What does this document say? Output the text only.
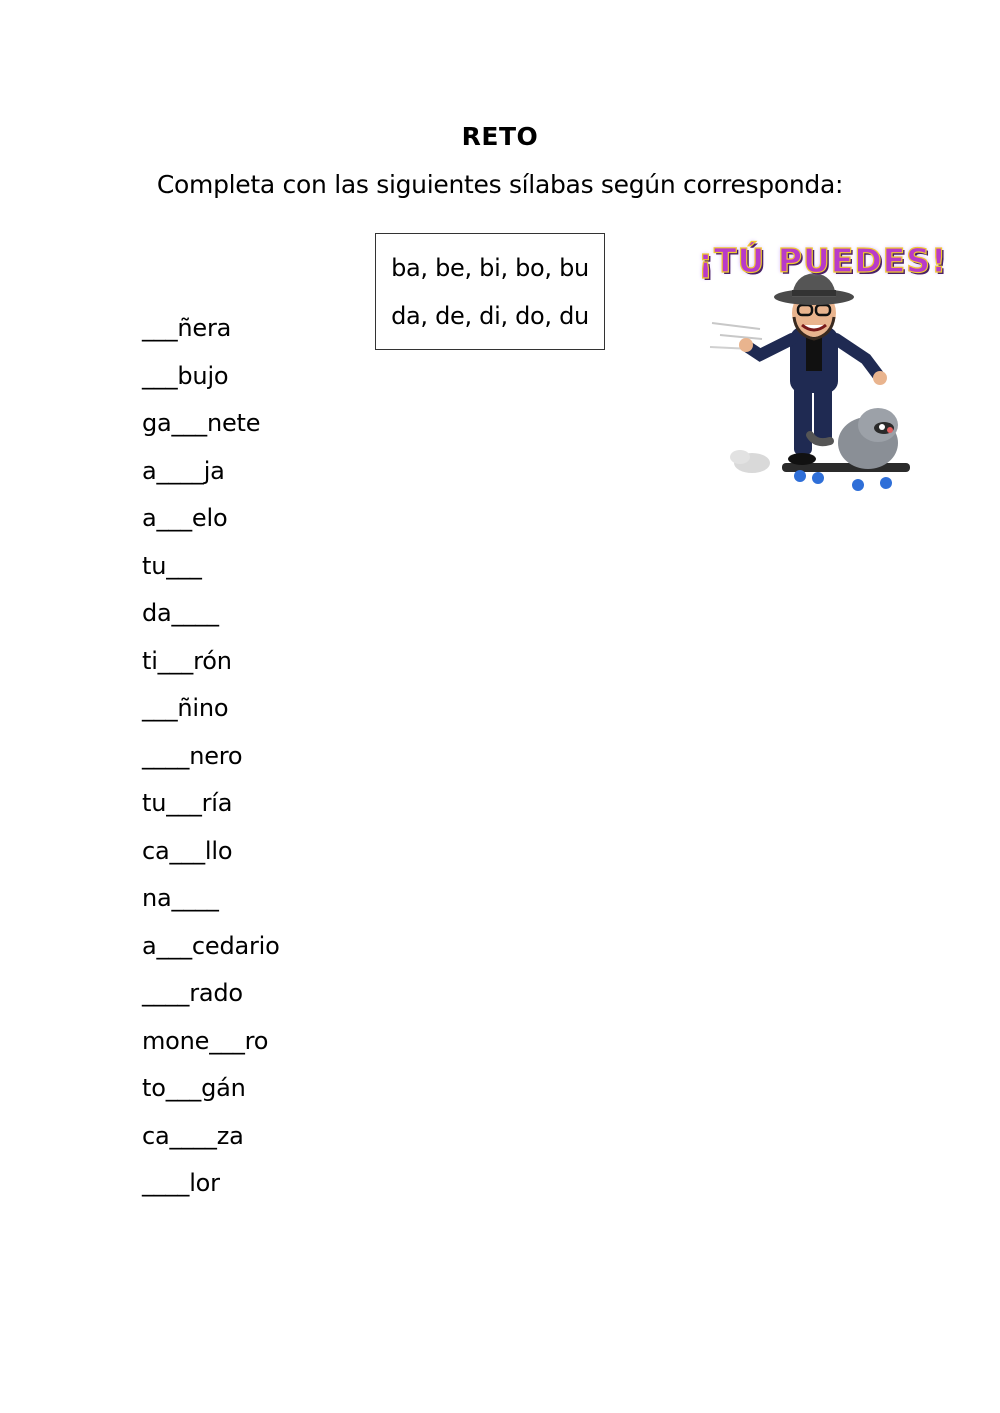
RETO
Completa con las siguientes sílabas según corresponda:
ba, be, bi, bo, bu
da, de, di, do, du
¡TÚ PUEDES!
___ñera
___bujo
ga___nete
a____ja
a___elo
tu___
da____
ti___rón
___ñino
____nero
tu___ría
ca___llo
na____
a___cedario
____rado
mone___ro
to___gán
ca____za
____lor
